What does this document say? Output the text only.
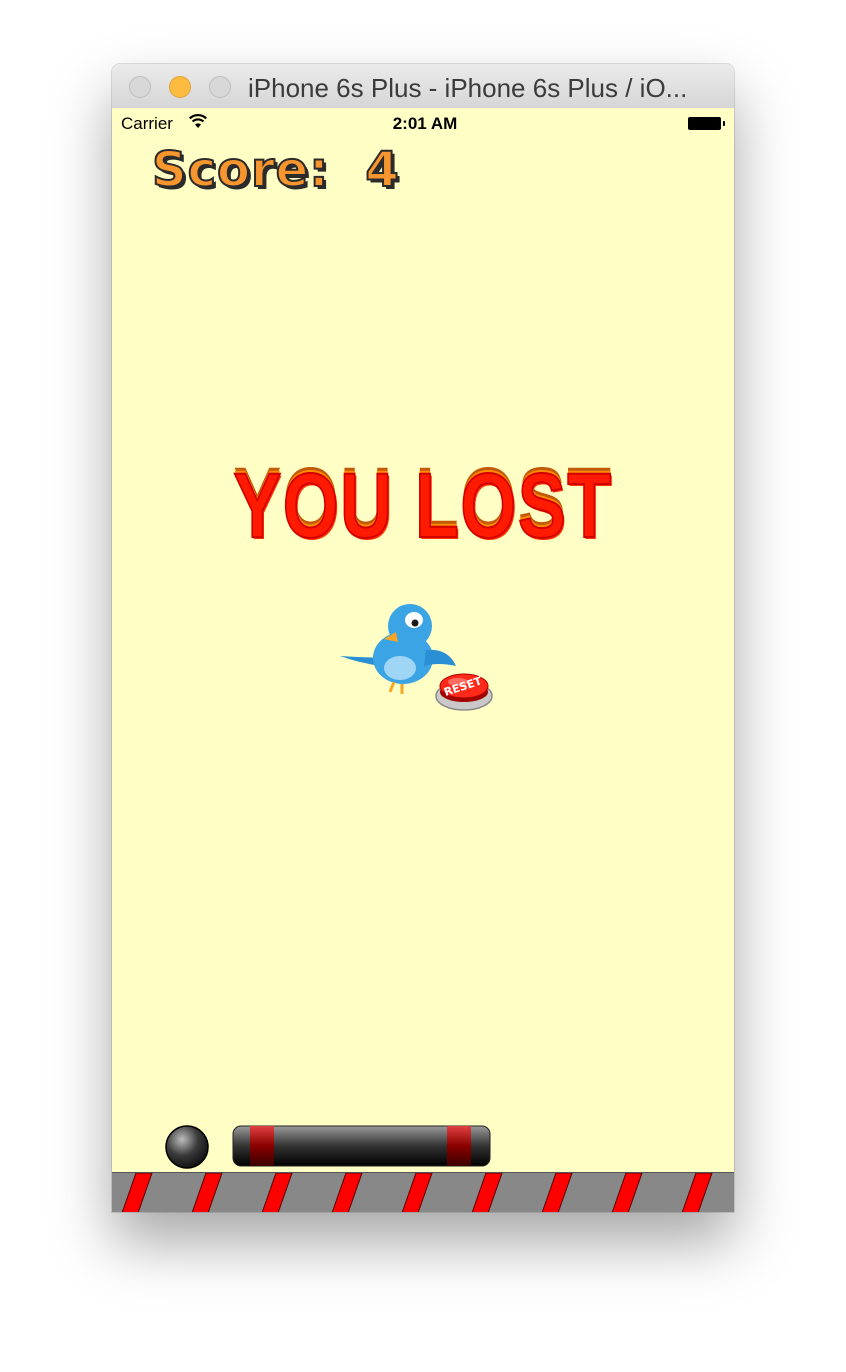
iPhone 6s Plus - iPhone 6s Plus / iO...
Carrier	2:01 AM
Score: 4
YOU LOST
RESET
